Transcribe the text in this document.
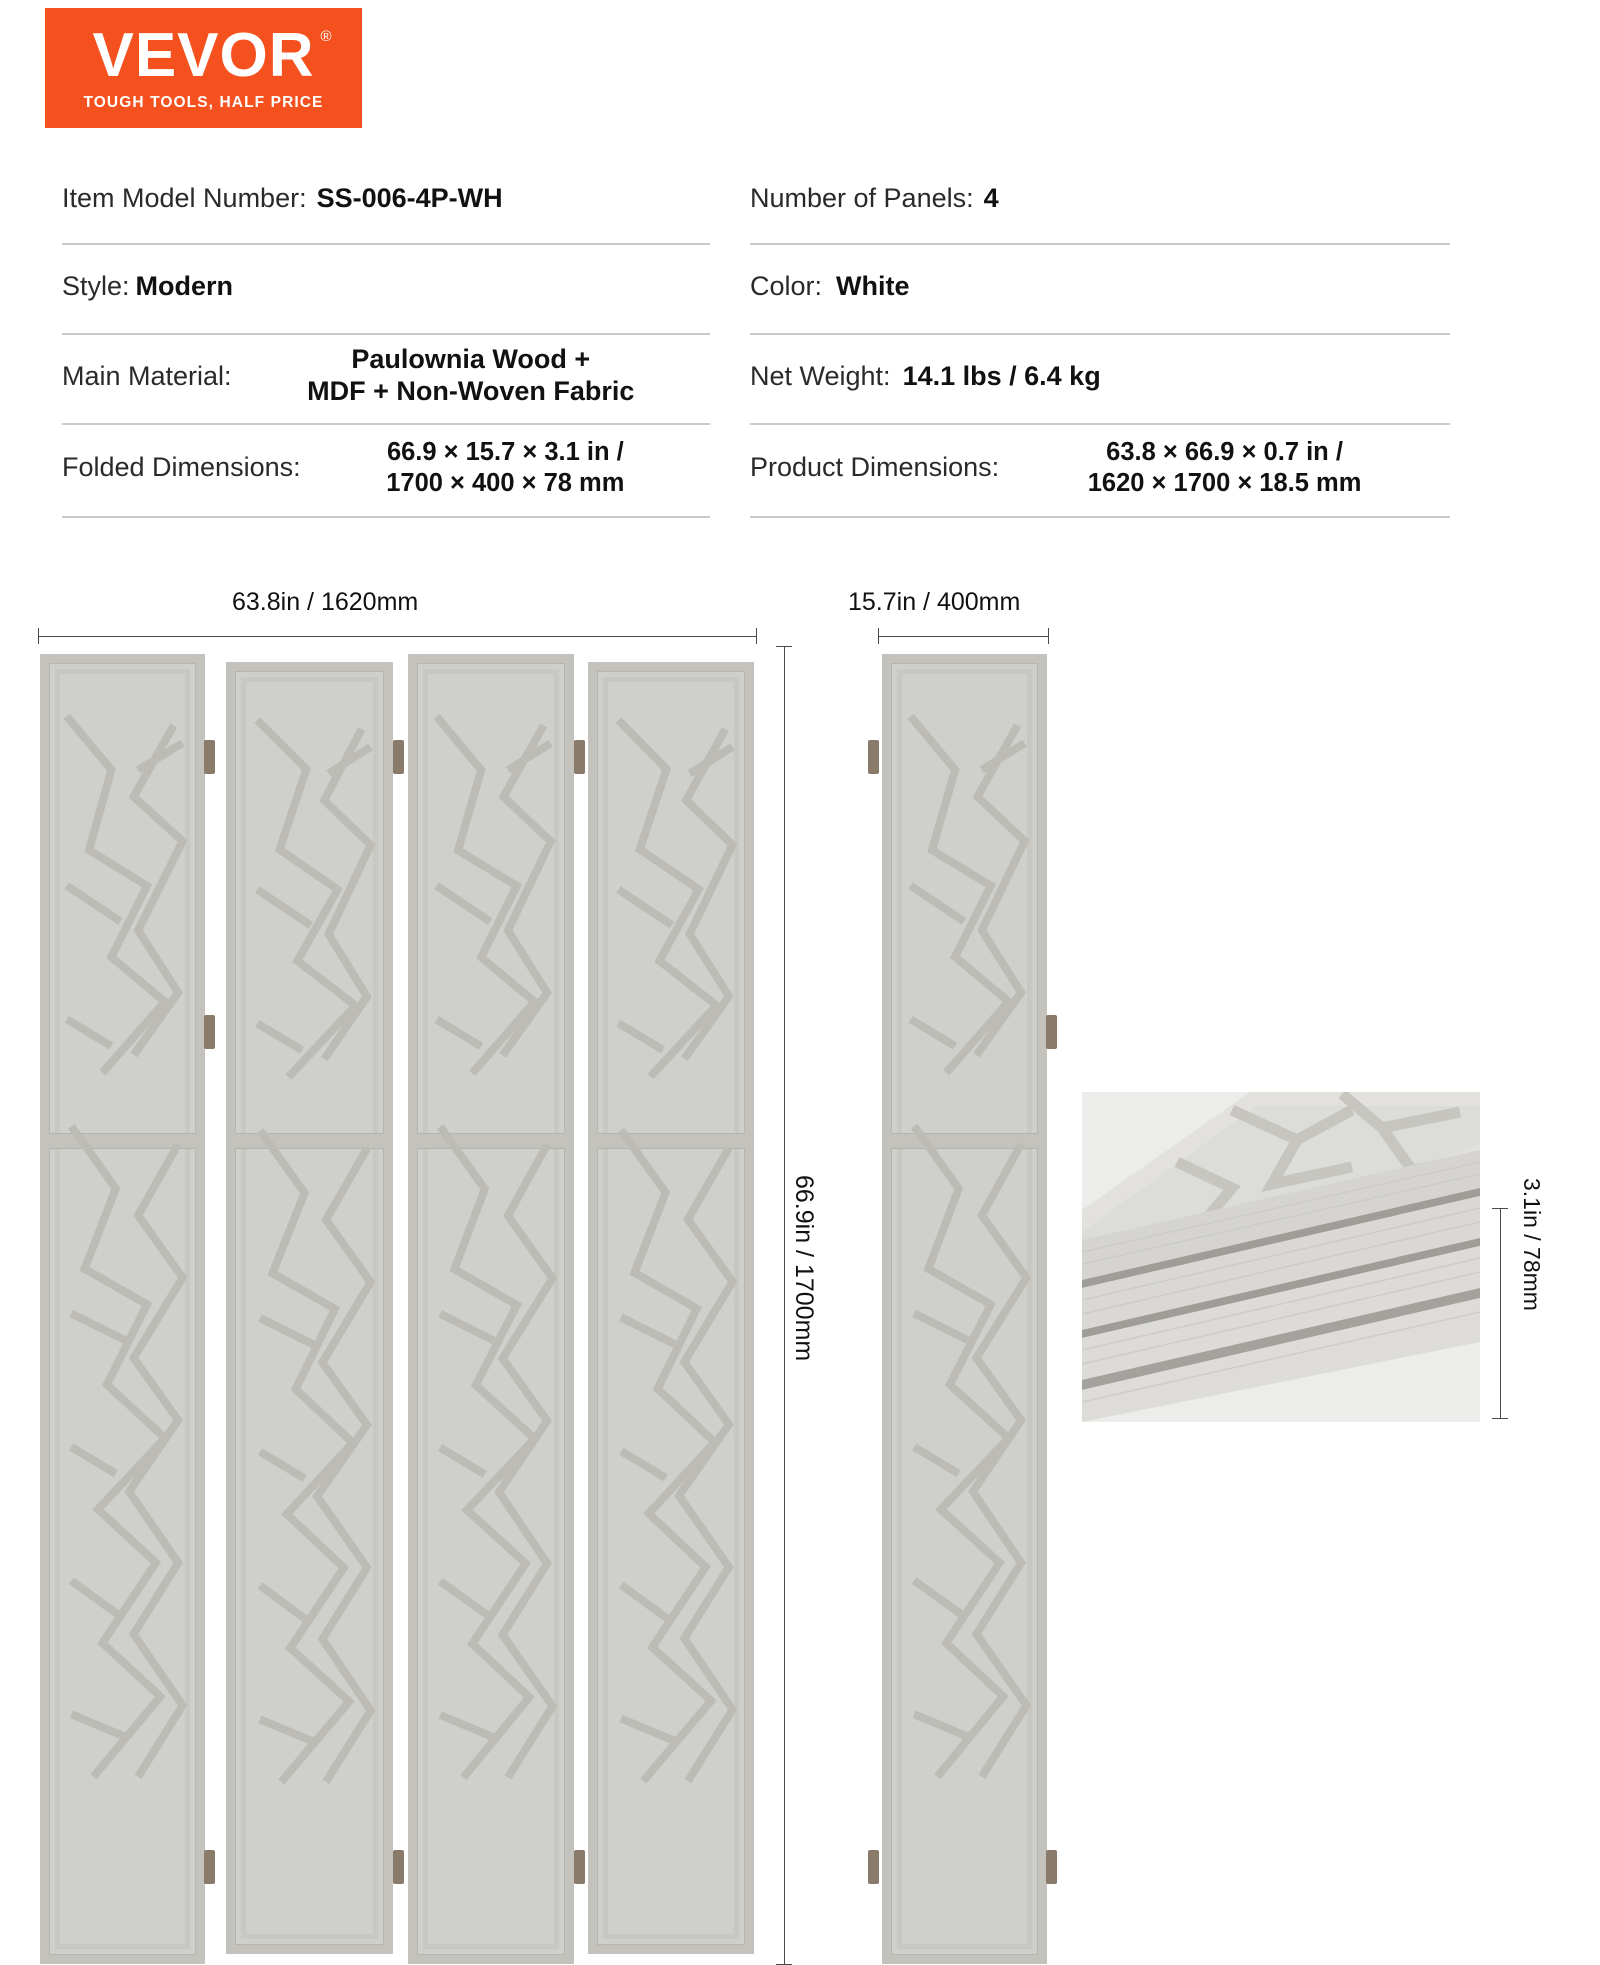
VEVOR ®
TOUGH TOOLS, HALF PRICE
Item Model Number: SS-006-4P-WH
Style: Modern
Main Material:
Paulownia Wood +
MDF + Non-Woven Fabric
Folded Dimensions:	66.9 × 15.7 × 3.1 in /
1700 × 400 × 78 mm
Number of Panels: 4
Color: White
Net Weight: 14.1 lbs / 6.4 kg
Product Dimensions:	63.8 × 66.9 × 0.7 in /
1620 × 1700 × 18.5 mm
63.8in / 1620mm
66.9in / 1700mm
15.7in / 400mm
3.1in / 78mm
